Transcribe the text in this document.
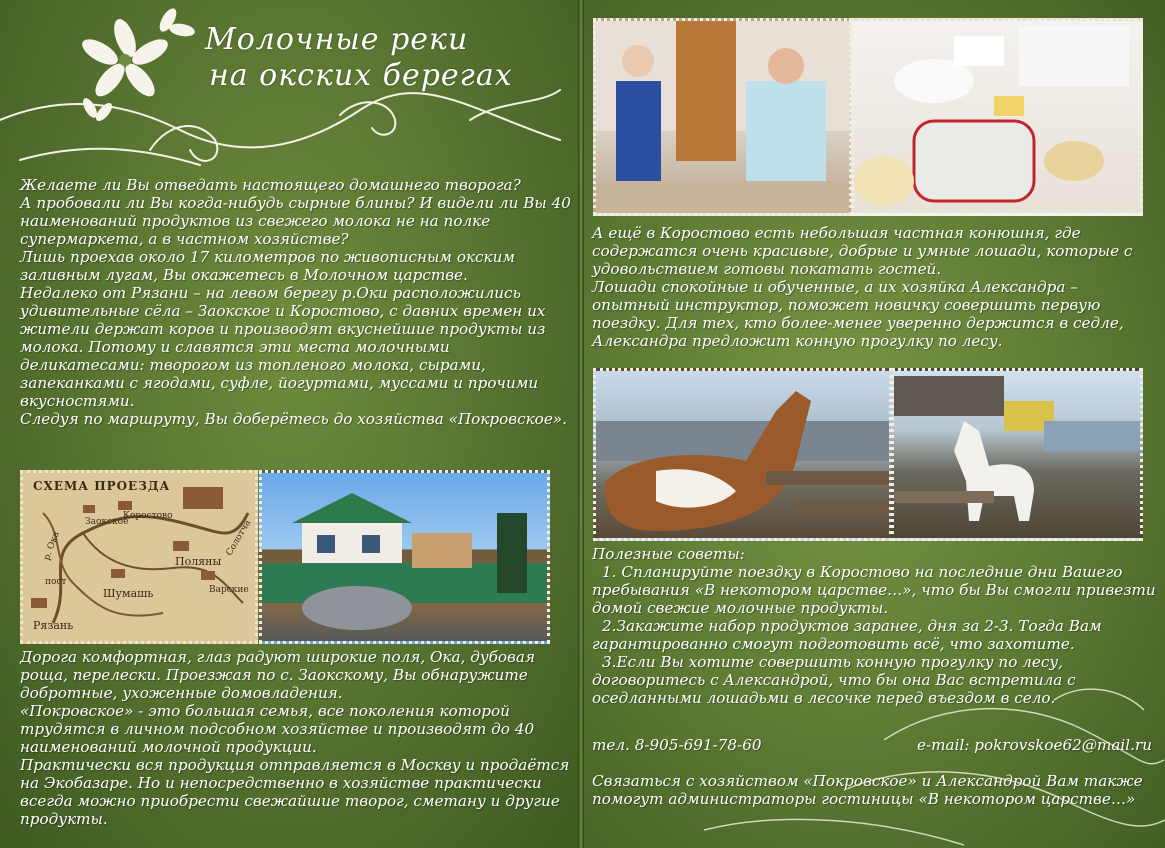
Молочные реки
на окских берегах

Желаете ли Вы отведать настоящего домашнего творога?

А пробовали ли Вы когда-нибудь сырные блины? И видели ли Вы 40 наименований продуктов из свежего молока не на полке супермаркета, а в частном хозяйстве?

Лишь проехав около 17 километров по живописным окским заливным лугам, Вы окажетесь в Молочном царстве.

Недалеко от Рязани – на левом берегу р.Оки расположились удивительные сёла – Заокское и Коростово, с давних времен их жители держат коров и производят вкуснейшие продукты из молока. Потому и славятся эти места молочными деликатесами: творогом из топленого молока, сырами, запеканками с ягодами, суфле, йогуртами, муссами и прочими вкусностями.

Следуя по маршруту, Вы доберётесь до хозяйства «Покровское».

СХЕМА ПРОЕЗДА
Заокское
Коростово
р. Ока
пост
Поляны
Варские
Шумашь
Рязань
Солотча

Дорога комфортная, глаз радуют широкие поля, Ока, дубовая роща, перелески. Проезжая по с. Заокскому, Вы обнаружите добротные, ухоженные домовладения.

«Покровское» - это большая семья, все поколения которой трудятся в личном подсобном хозяйстве и производят до 40 наименований молочной продукции.

Практически вся продукция отправляется в Москву и продаётся на Экобазаре. Но и непосредственно в хозяйстве практически всегда можно приобрести свежайшие творог, сметану и другие продукты.

А ещё в Коростово есть небольшая частная конюшня, где содержатся очень красивые, добрые и умные лошади, которые с удовольствием готовы покатать гостей.

Лошади спокойные и обученные, а их хозяйка Александра – опытный инструктор, поможет новичку совершить первую поездку. Для тех, кто более-менее уверенно держится в седле, Александра предложит конную прогулку по лесу.

Полезные советы:

1. Спланируйте поездку в Коростово на последние дни Вашего пребывания «В некотором царстве…», что бы Вы смогли привезти домой свежие молочные продукты.

2.Закажите набор продуктов заранее, дня за 2-3. Тогда Вам гарантированно смогут подготовить всё, что захотите.

3.Если Вы хотите совершить конную прогулку по лесу, договоритесь с Александрой, что бы она Вас встретила с оседланными лошадьми в лесочке перед въездом в село.

тел. 8-905-691-78-60	e-mail: pokrovskoe62@mail.ru

Связаться с хозяйством «Покровское» и Александрой Вам также помогут администраторы гостиницы «В некотором царстве…»
